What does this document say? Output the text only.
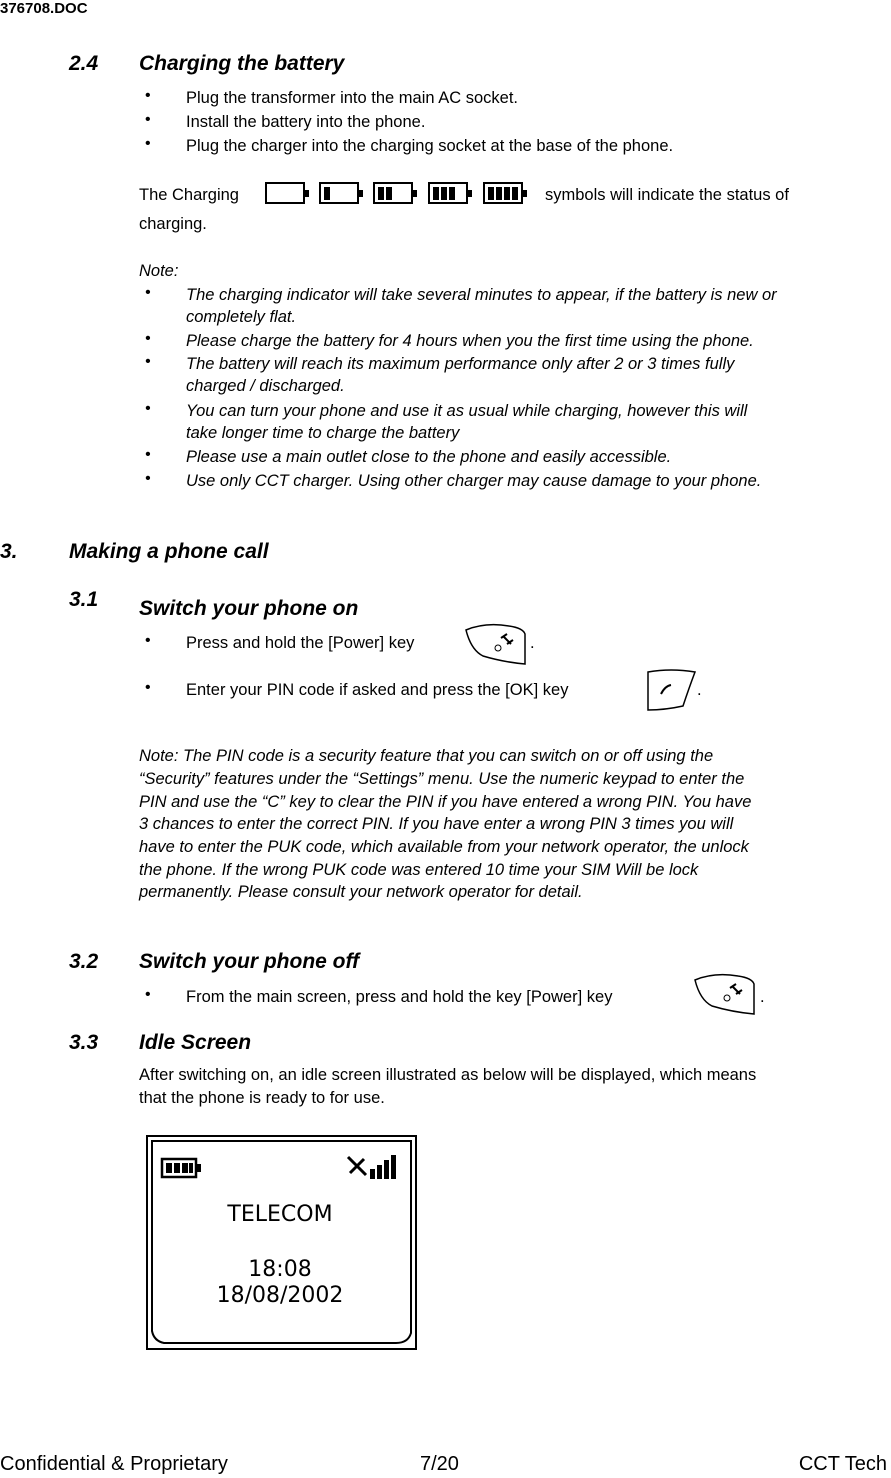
376708.DOC
2.4 Charging the battery
• Plug the transformer into the main AC socket.
• Install the battery into the phone.
• Plug the charger into the charging socket at the base of the phone.
The Charging	symbols will indicate the status of
charging.
Note:
• The charging indicator will take several minutes to appear, if the battery is new or
completely flat.
• Please charge the battery for 4 hours when you the first time using the phone.
• The battery will reach its maximum performance only after 2 or 3 times fully
charged / discharged.
• You can turn your phone and use it as usual while charging, however this will
take longer time to charge the battery
• Please use a main outlet close to the phone and easily accessible.
• Use only CCT charger. Using other charger may cause damage to your phone.
3. Making a phone call
3.1 Switch your phone on
• Press and hold the [Power] key	.
• Enter your PIN code if asked and press the [OK] key	.
Note: The PIN code is a security feature that you can switch on or off using the
“Security” features under the “Settings” menu. Use the numeric keypad to enter the
PIN and use the “C” key to clear the PIN if you have entered a wrong PIN. You have
3 chances to enter the correct PIN. If you have enter a wrong PIN 3 times you will
have to enter the PUK code, which available from your network operator, the unlock
the phone. If the wrong PUK code was entered 10 time your SIM Will be lock
permanently. Please consult your network operator for detail.
3.2 Switch your phone off
• From the main screen, press and hold the key [Power] key	.
3.3 Idle Screen
After switching on, an idle screen illustrated as below will be displayed, which means
that the phone is ready to for use.
TELECOM
18:08
18/08/2002
Confidential & Proprietary	7/20	CCT Tech
